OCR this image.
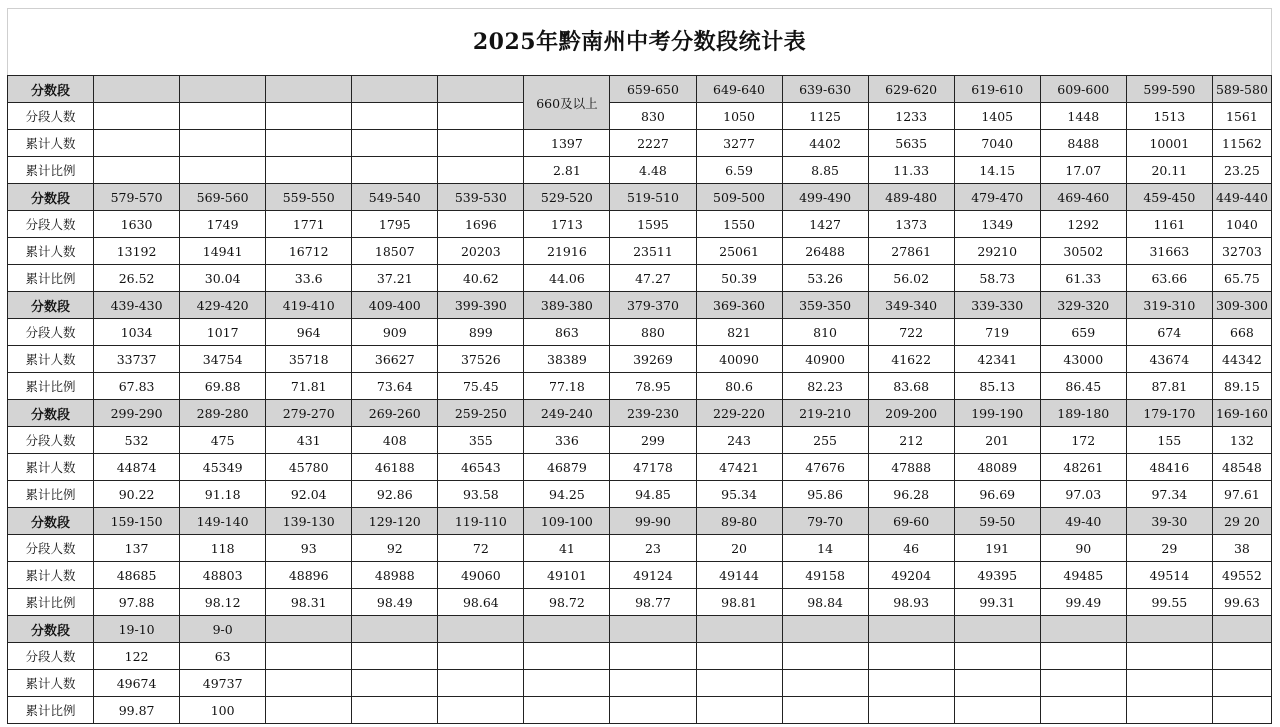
2025年黔南州中考分数段统计表
分数段						660及以上	659-650	649-640	639-630	629-620	619-610	609-600	599-590	589-580
分段人数							830	1050	1125	1233	1405	1448	1513	1561
累计人数						1397	2227	3277	4402	5635	7040	8488	10001	11562
累计比例						2.81	4.48	6.59	8.85	11.33	14.15	17.07	20.11	23.25
分数段	579-570	569-560	559-550	549-540	539-530	529-520	519-510	509-500	499-490	489-480	479-470	469-460	459-450	449-440
分段人数	1630	1749	1771	1795	1696	1713	1595	1550	1427	1373	1349	1292	1161	1040
累计人数	13192	14941	16712	18507	20203	21916	23511	25061	26488	27861	29210	30502	31663	32703
累计比例	26.52	30.04	33.6	37.21	40.62	44.06	47.27	50.39	53.26	56.02	58.73	61.33	63.66	65.75
分数段	439-430	429-420	419-410	409-400	399-390	389-380	379-370	369-360	359-350	349-340	339-330	329-320	319-310	309-300
分段人数	1034	1017	964	909	899	863	880	821	810	722	719	659	674	668
累计人数	33737	34754	35718	36627	37526	38389	39269	40090	40900	41622	42341	43000	43674	44342
累计比例	67.83	69.88	71.81	73.64	75.45	77.18	78.95	80.6	82.23	83.68	85.13	86.45	87.81	89.15
分数段	299-290	289-280	279-270	269-260	259-250	249-240	239-230	229-220	219-210	209-200	199-190	189-180	179-170	169-160
分段人数	532	475	431	408	355	336	299	243	255	212	201	172	155	132
累计人数	44874	45349	45780	46188	46543	46879	47178	47421	47676	47888	48089	48261	48416	48548
累计比例	90.22	91.18	92.04	92.86	93.58	94.25	94.85	95.34	95.86	96.28	96.69	97.03	97.34	97.61
分数段	159-150	149-140	139-130	129-120	119-110	109-100	99-90	89-80	79-70	69-60	59-50	49-40	39-30	29 20
分段人数	137	118	93	92	72	41	23	20	14	46	191	90	29	38
累计人数	48685	48803	48896	48988	49060	49101	49124	49144	49158	49204	49395	49485	49514	49552
累计比例	97.88	98.12	98.31	98.49	98.64	98.72	98.77	98.81	98.84	98.93	99.31	99.49	99.55	99.63
分数段	19-10	9-0												
分段人数	122	63												
累计人数	49674	49737												
累计比例	99.87	100												
